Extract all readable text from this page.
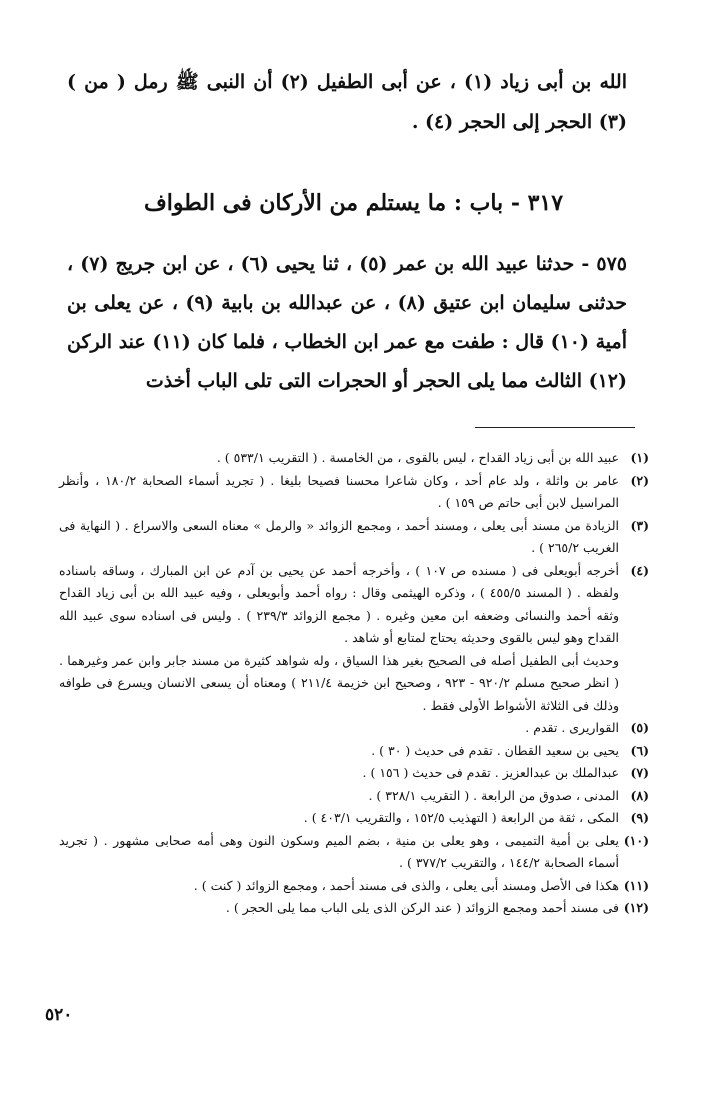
الله بن أبى زياد (١) ، عن أبى الطفيل (٢) أن النبى ﷺ رمل ( من ) (٣) الحجر إلى الحجر (٤) .

٣١٧ - باب : ما يستلم من الأركان فى الطواف

٥٧٥ - حدثنا عبيد الله بن عمر (٥) ، ثنا يحيى (٦) ، عن ابن جريج (٧) ، حدثنى سليمان ابن عتيق (٨) ، عن عبدالله بن بابية (٩) ، عن يعلى بن أمية (١٠) قال : طفت مع عمر ابن الخطاب ، فلما كان (١١) عند الركن (١٢) الثالث مما يلى الحجر أو الحجرات التى تلى الباب أخذت

(١)

عبيد الله بن أبى زياد القداح ، ليس بالقوى ، من الخامسة . ( التقريب ٥٣٣/١ ) .

(٢)

عامر بن واثلة ، ولد عام أحد ، وكان شاعرا محسنا فصيحا بليغا . ( تجريد أسماء الصحابة ١٨٠/٢ ، وأنظر المراسيل لابن أبى حاتم ص ١٥٩ ) .

(٣)

الزيادة من مسند أبى يعلى ، ومسند أحمد ، ومجمع الزوائد « والرمل » معناه السعى والاسراع . ( النهاية فى الغريب ٢٦٥/٢ ) .

(٤)

أخرجه أبويعلى فى ( مسنده ص ١٠٧ ) ، وأخرجه أحمد عن يحيى بن آدم عن ابن المبارك ، وساقه باسناده ولفظه . ( المسند ٤٥٥/٥ ) ، وذكره الهيثمى وقال : رواه أحمد وأبويعلى ، وفيه عبيد الله بن أبى زياد القداح وثقه أحمد والنسائى وضعفه ابن معين وغيره . ( مجمع الزوائد ٢٣٩/٣ ) . وليس فى اسناده سوى عبيد الله القداح وهو ليس بالقوى وحديثه يحتاج لمتابع أو شاهد .

وحديث أبى الطفيل أصله فى الصحيح بغير هذا السياق ، وله شواهد كثيرة من مسند جابر وابن عمر وغيرهما . ( انظر صحيح مسلم ٩٢٠/٢ - ٩٢٣ ، وصحيح ابن خزيمة ٢١١/٤ ) ومعناه أن يسعى الانسان ويسرع فى طوافه وذلك فى الثلاثة الأشواط الأولى فقط .

(٥)

القواريرى . تقدم .

(٦)

يحيى بن سعيد القطان . تقدم فى حديث ( ٣٠ ) .

(٧)

عبدالملك بن عبدالعزيز . تقدم فى حديث ( ١٥٦ ) .

(٨)

المدنى ، صدوق من الرابعة . ( التقريب ٣٢٨/١ ) .

(٩)

المكى ، ثقة من الرابعة ( التهذيب ١٥٢/٥ ، والتقريب ٤٠٣/١ ) .

(١٠)

يعلى بن أمية التميمى ، وهو يعلى بن منية ، بضم الميم وسكون النون وهى أمه صحابى مشهور . ( تجريد أسماء الصحابة ١٤٤/٢ ، والتقريب ٣٧٧/٢ ) .

(١١)

هكذا فى الأصل ومسند أبى يعلى ، والذى فى مسند أحمد ، ومجمع الزوائد ( كنت ) .

(١٢)

فى مسند أحمد ومجمع الزوائد ( عند الركن الذى يلى الباب مما يلى الحجر ) .

٥٢٠
